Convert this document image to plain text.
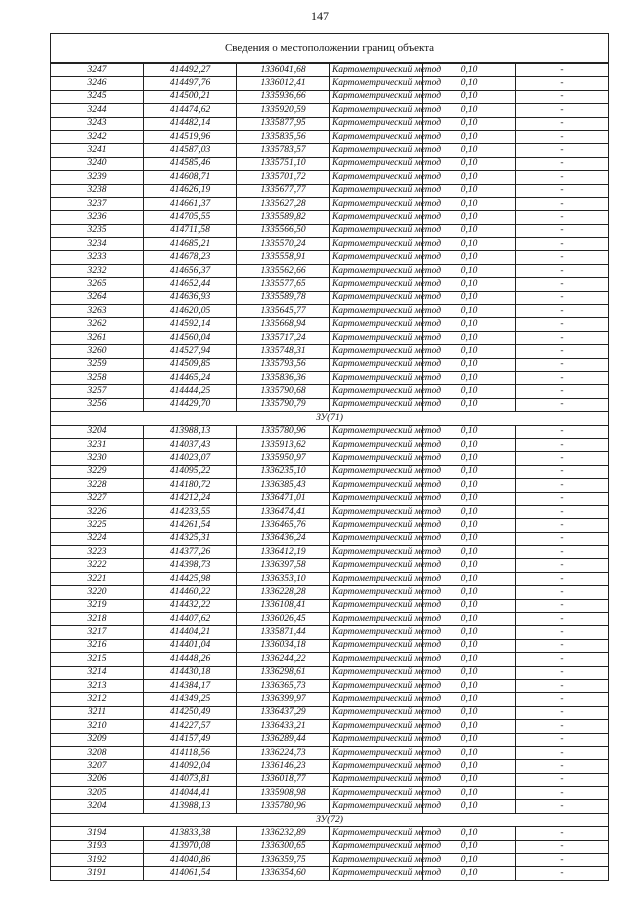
147
Сведения о местоположении границ объекта					
3247	414492,27	1336041,68	Картометрический метод	0,10	-
3246	414497,76	1336012,41	Картометрический метод	0,10	-
3245	414500,21	1335936,66	Картометрический метод	0,10	-
3244	414474,62	1335920,59	Картометрический метод	0,10	-
3243	414482,14	1335877,95	Картометрический метод	0,10	-
3242	414519,96	1335835,56	Картометрический метод	0,10	-
3241	414587,03	1335783,57	Картометрический метод	0,10	-
3240	414585,46	1335751,10	Картометрический метод	0,10	-
3239	414608,71	1335701,72	Картометрический метод	0,10	-
3238	414626,19	1335677,77	Картометрический метод	0,10	-
3237	414661,37	1335627,28	Картометрический метод	0,10	-
3236	414705,55	1335589,82	Картометрический метод	0,10	-
3235	414711,58	1335566,50	Картометрический метод	0,10	-
3234	414685,21	1335570,24	Картометрический метод	0,10	-
3233	414678,23	1335558,91	Картометрический метод	0,10	-
3232	414656,37	1335562,66	Картометрический метод	0,10	-
3265	414652,44	1335577,65	Картометрический метод	0,10	-
3264	414636,93	1335589,78	Картометрический метод	0,10	-
3263	414620,05	1335645,77	Картометрический метод	0,10	-
3262	414592,14	1335668,94	Картометрический метод	0,10	-
3261	414560,04	1335717,24	Картометрический метод	0,10	-
3260	414527,94	1335748,31	Картометрический метод	0,10	-
3259	414509,85	1335793,56	Картометрический метод	0,10	-
3258	414465,24	1335836,36	Картометрический метод	0,10	-
3257	414444,25	1335790,68	Картометрический метод	0,10	-
3256	414429,70	1335790,79	Картометрический метод	0,10	-
ЗУ(71)					
3204	413988,13	1335780,96	Картометрический метод	0,10	-
3231	414037,43	1335913,62	Картометрический метод	0,10	-
3230	414023,07	1335950,97	Картометрический метод	0,10	-
3229	414095,22	1336235,10	Картометрический метод	0,10	-
3228	414180,72	1336385,43	Картометрический метод	0,10	-
3227	414212,24	1336471,01	Картометрический метод	0,10	-
3226	414233,55	1336474,41	Картометрический метод	0,10	-
3225	414261,54	1336465,76	Картометрический метод	0,10	-
3224	414325,31	1336436,24	Картометрический метод	0,10	-
3223	414377,26	1336412,19	Картометрический метод	0,10	-
3222	414398,73	1336397,58	Картометрический метод	0,10	-
3221	414425,98	1336353,10	Картометрический метод	0,10	-
3220	414460,22	1336228,28	Картометрический метод	0,10	-
3219	414432,22	1336108,41	Картометрический метод	0,10	-
3218	414407,62	1336026,45	Картометрический метод	0,10	-
3217	414404,21	1335871,44	Картометрический метод	0,10	-
3216	414401,04	1336034,18	Картометрический метод	0,10	-
3215	414448,26	1336244,22	Картометрический метод	0,10	-
3214	414430,18	1336298,61	Картометрический метод	0,10	-
3213	414384,17	1336365,73	Картометрический метод	0,10	-
3212	414349,25	1336399,97	Картометрический метод	0,10	-
3211	414250,49	1336437,29	Картометрический метод	0,10	-
3210	414227,57	1336433,21	Картометрический метод	0,10	-
3209	414157,49	1336289,44	Картометрический метод	0,10	-
3208	414118,56	1336224,73	Картометрический метод	0,10	-
3207	414092,04	1336146,23	Картометрический метод	0,10	-
3206	414073,81	1336018,77	Картометрический метод	0,10	-
3205	414044,41	1335908,98	Картометрический метод	0,10	-
3204	413988,13	1335780,96	Картометрический метод	0,10	-
ЗУ(72)					
3194	413833,38	1336232,89	Картометрический метод	0,10	-
3193	413970,08	1336300,65	Картометрический метод	0,10	-
3192	414040,86	1336359,75	Картометрический метод	0,10	-
3191	414061,54	1336354,60	Картометрический метод	0,10	-
